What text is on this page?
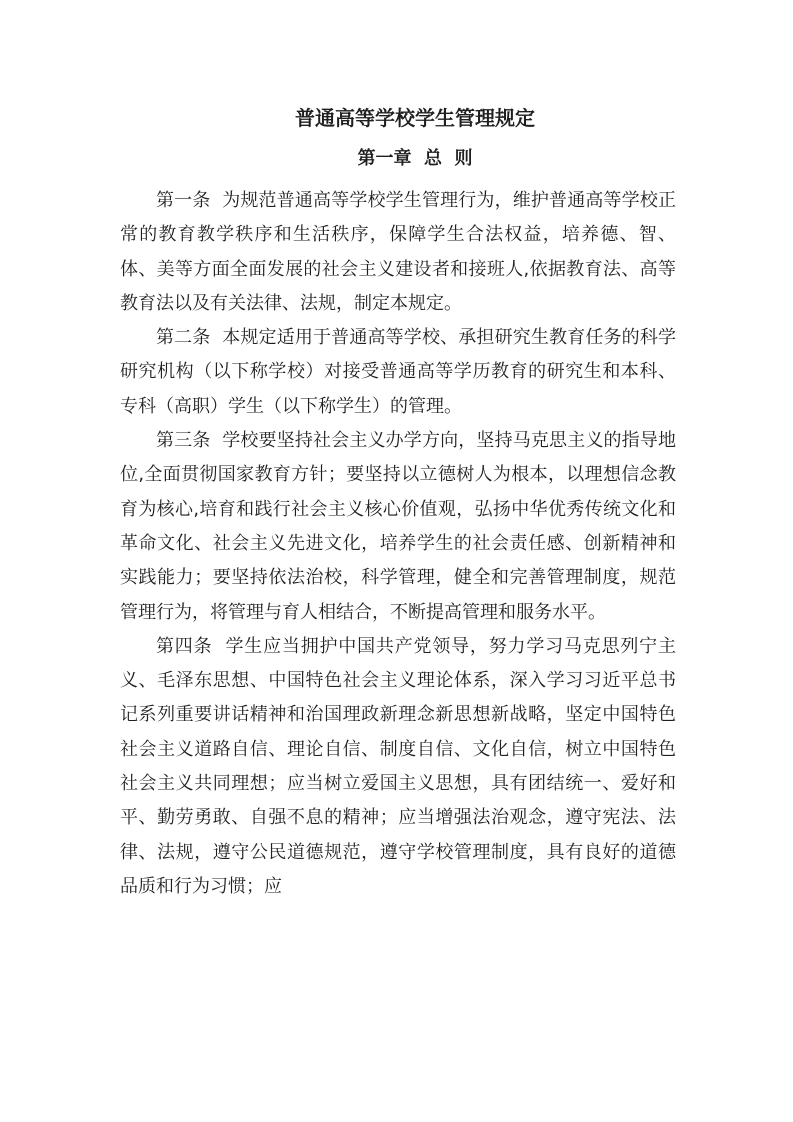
普通高等学校学生管理规定
第一章  总  则

第一条  为规范普通高等学校学生管理行为，维护普通高等学校正常的教育教学秩序和生活秩序，保障学生合法权益，培养德、智、体、美等方面全面发展的社会主义建设者和接班人,依据教育法、高等教育法以及有关法律、法规，制定本规定。

第二条  本规定适用于普通高等学校、承担研究生教育任务的科学研究机构（以下称学校）对接受普通高等学历教育的研究生和本科、专科（高职）学生（以下称学生）的管理。

第三条  学校要坚持社会主义办学方向，坚持马克思主义的指导地位,全面贯彻国家教育方针；要坚持以立德树人为根本，以理想信念教育为核心,培育和践行社会主义核心价值观，弘扬中华优秀传统文化和革命文化、社会主义先进文化，培养学生的社会责任感、创新精神和实践能力；要坚持依法治校，科学管理，健全和完善管理制度，规范管理行为，将管理与育人相结合，不断提高管理和服务水平。

第四条  学生应当拥护中国共产党领导，努力学习马克思列宁主义、毛泽东思想、中国特色社会主义理论体系，深入学习习近平总书记系列重要讲话精神和治国理政新理念新思想新战略，坚定中国特色社会主义道路自信、理论自信、制度自信、文化自信，树立中国特色社会主义共同理想；应当树立爱国主义思想，具有团结统一、爱好和平、勤劳勇敢、自强不息的精神；应当增强法治观念，遵守宪法、法律、法规，遵守公民道德规范，遵守学校管理制度，具有良好的道德品质和行为习惯；应
